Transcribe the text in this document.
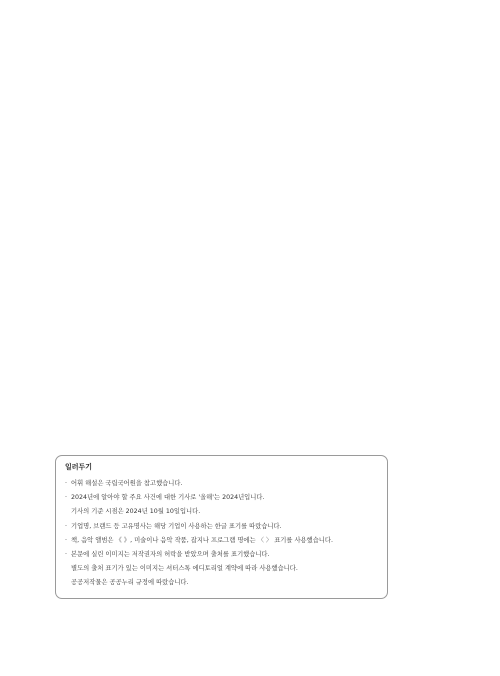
일러두기
· 어휘 해설은 국립국어원을 참고했습니다.
· 2024년에 알아야 할 주요 사건에 대한 기사로 '올해'는 2024년입니다.
기사의 기준 시점은 2024년 10월 10일입니다.
· 기업명, 브랜드 등 고유명사는 해당 기업이 사용하는 한글 표기를 따랐습니다.
· 책, 음악 앨범은 《 》, 미술이나 음악 작품, 잡지나 프로그램 명에는 〈 〉 표기를 사용했습니다.
· 본문에 실린 이미지는 저작권자의 허락을 받았으며 출처를 표기했습니다.
별도의 출처 표기가 있는 이미지는 셔터스톡 에디토리얼 계약에 따라 사용했습니다.
공공저작물은 공공누리 규정에 따랐습니다.
